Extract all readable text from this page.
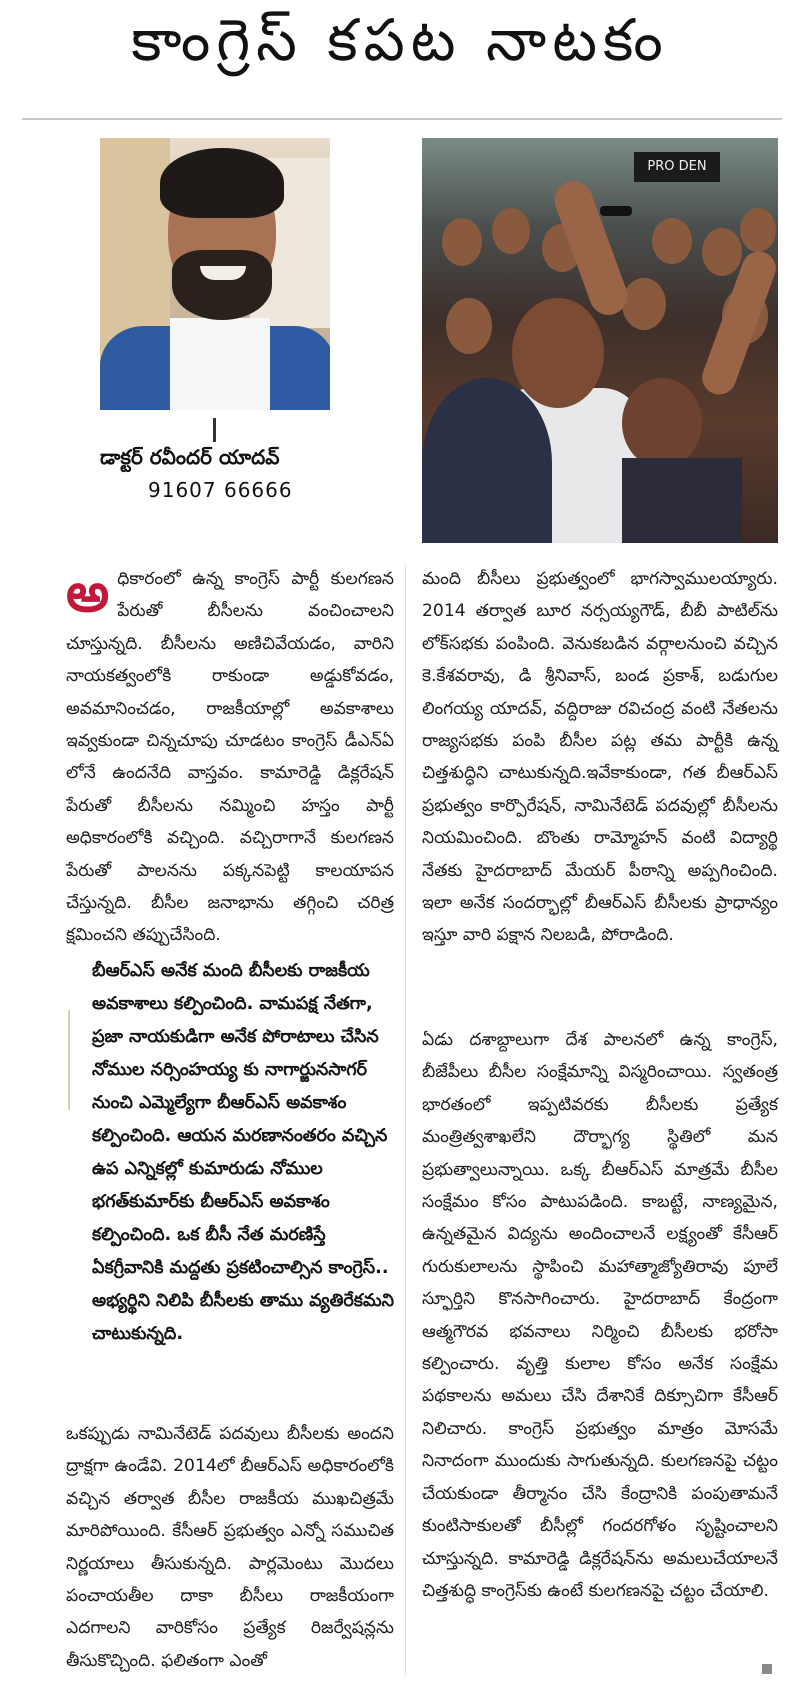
కాంగ్రెస్ కపట నాటకం
డాక్టర్ రవీందర్ యాదవ్
91607 66666
PRO DEN

అధికారంలో ఉన్న కాంగ్రెస్ పార్టీ కులగణన పేరుతో బీసీలను వంచించాలని చూస్తున్నది. బీసీలను అణిచివేయడం, వారిని నాయకత్వంలోకి రాకుండా అడ్డుకోవడం, అవమానించడం, రాజకీయాల్లో అవకాశాలు ఇవ్వకుండా చిన్నచూపు చూడటం కాంగ్రెస్ డీఎన్ఏ లోనే ఉందనేది వాస్తవం. కామారెడ్డి డిక్లరేషన్ పేరుతో బీసీలను నమ్మించి హస్తం పార్టీ అధికారంలోకి వచ్చింది. వచ్చిరాగానే కులగణన పేరుతో పాలనను పక్కనపెట్టి కాలయాపన చేస్తున్నది. బీసీల జనాభాను తగ్గించి చరిత్ర క్షమించని తప్పుచేసింది.

బీఆర్ఎస్ అనేక మంది బీసీలకు రాజకీయ అవకాశాలు కల్పించింది. వామపక్ష నేతగా, ప్రజా నాయకుడిగా అనేక పోరాటాలు చేసిన నోముల నర్సింహయ్య కు నాగార్జునసాగర్ నుంచి ఎమ్మెల్యేగా బీఆర్ఎస్ అవకాశం కల్పించింది. ఆయన మరణానంతరం వచ్చిన ఉప ఎన్నికల్లో కుమారుడు నోముల భగత్‌కుమార్‌కు బీఆర్ఎస్ అవకాశం కల్పించింది. ఒక బీసీ నేత మరణిస్తే ఏకగ్రీవానికి మద్దతు ప్రకటించాల్సిన కాంగ్రెస్.. అభ్యర్థిని నిలిపి బీసీలకు తాము వ్యతిరేకమని చాటుకున్నది.

ఒకప్పుడు నామినేటెడ్ పదవులు బీసీలకు అందని ద్రాక్షగా ఉండేవి. 2014లో బీఆర్ఎస్ అధికారంలోకి వచ్చిన తర్వాత బీసీల రాజకీయ ముఖచిత్రమే మారిపోయింది. కేసీఆర్ ప్రభుత్వం ఎన్నో సముచిత నిర్ణయాలు తీసుకున్నది. పార్లమెంటు మొదలు పంచాయతీల దాకా బీసీలు రాజకీయంగా ఎదగాలని వారికోసం ప్రత్యేక రిజర్వేషన్లను తీసుకొచ్చింది. ఫలితంగా ఎంతో

మంది బీసీలు ప్రభుత్వంలో భాగస్వాములయ్యారు. 2014 తర్వాత బూర నర్సయ్యగౌడ్, బీబీ పాటిల్‌ను లోక్‌సభకు పంపింది. వెనుకబడిన వర్గాలనుంచి వచ్చిన కె.కేశవరావు, డి శ్రీనివాస్, బండ ప్రకాశ్, బడుగుల లింగయ్య యాదవ్, వద్దిరాజు రవిచంద్ర వంటి నేతలను రాజ్యసభకు పంపి బీసీల పట్ల తమ పార్టీకి ఉన్న చిత్తశుద్ధిని చాటుకున్నది.ఇవేకాకుండా, గత బీఆర్ఎస్ ప్రభుత్వం కార్పొరేషన్, నామినేటెడ్ పదవుల్లో బీసీలను నియమించింది. బొంతు రామ్మోహన్ వంటి విద్యార్థి నేతకు హైదరాబాద్ మేయర్ పీఠాన్ని అప్పగించింది. ఇలా అనేక సందర్భాల్లో బీఆర్ఎస్ బీసీలకు ప్రాధాన్యం ఇస్తూ వారి పక్షాన నిలబడి, పోరాడింది.

ఏడు దశాబ్దాలుగా దేశ పాలనలో ఉన్న కాంగ్రెస్, బీజేపీలు బీసీల సంక్షేమాన్ని విస్మరించాయి. స్వతంత్ర భారతంలో ఇప్పటివరకు బీసీలకు ప్రత్యేక మంత్రిత్వశాఖలేని దౌర్భాగ్య స్థితిలో మన ప్రభుత్వాలున్నాయి. ఒక్క బీఆర్ఎస్ మాత్రమే బీసీల సంక్షేమం కోసం పాటుపడింది. కాబట్టే, నాణ్యమైన, ఉన్నతమైన విద్యను అందించాలనే లక్ష్యంతో కేసీఆర్ గురుకులాలను స్థాపించి మహాత్మాజ్యోతిరావు పూలే స్ఫూర్తిని కొనసాగించారు. హైదరాబాద్ కేంద్రంగా ఆత్మగౌరవ భవనాలు నిర్మించి బీసీలకు భరోసా కల్పించారు. వృత్తి కులాల కోసం అనేక సంక్షేమ పథకాలను అమలు చేసి దేశానికే దిక్సూచిగా కేసీఆర్ నిలిచారు. కాంగ్రెస్ ప్రభుత్వం మాత్రం మోసమే నినాదంగా ముందుకు సాగుతున్నది. కులగణనపై చట్టం చేయకుండా తీర్మానం చేసి కేంద్రానికి పంపుతామనే కుంటిసాకులతో బీసీల్లో గందరగోళం సృష్టించాలని చూస్తున్నది. కామారెడ్డి డిక్లరేషన్‌ను అమలుచేయాలనే చిత్తశుద్ధి కాంగ్రెస్‌కు ఉంటే కులగణనపై చట్టం చేయాలి.
